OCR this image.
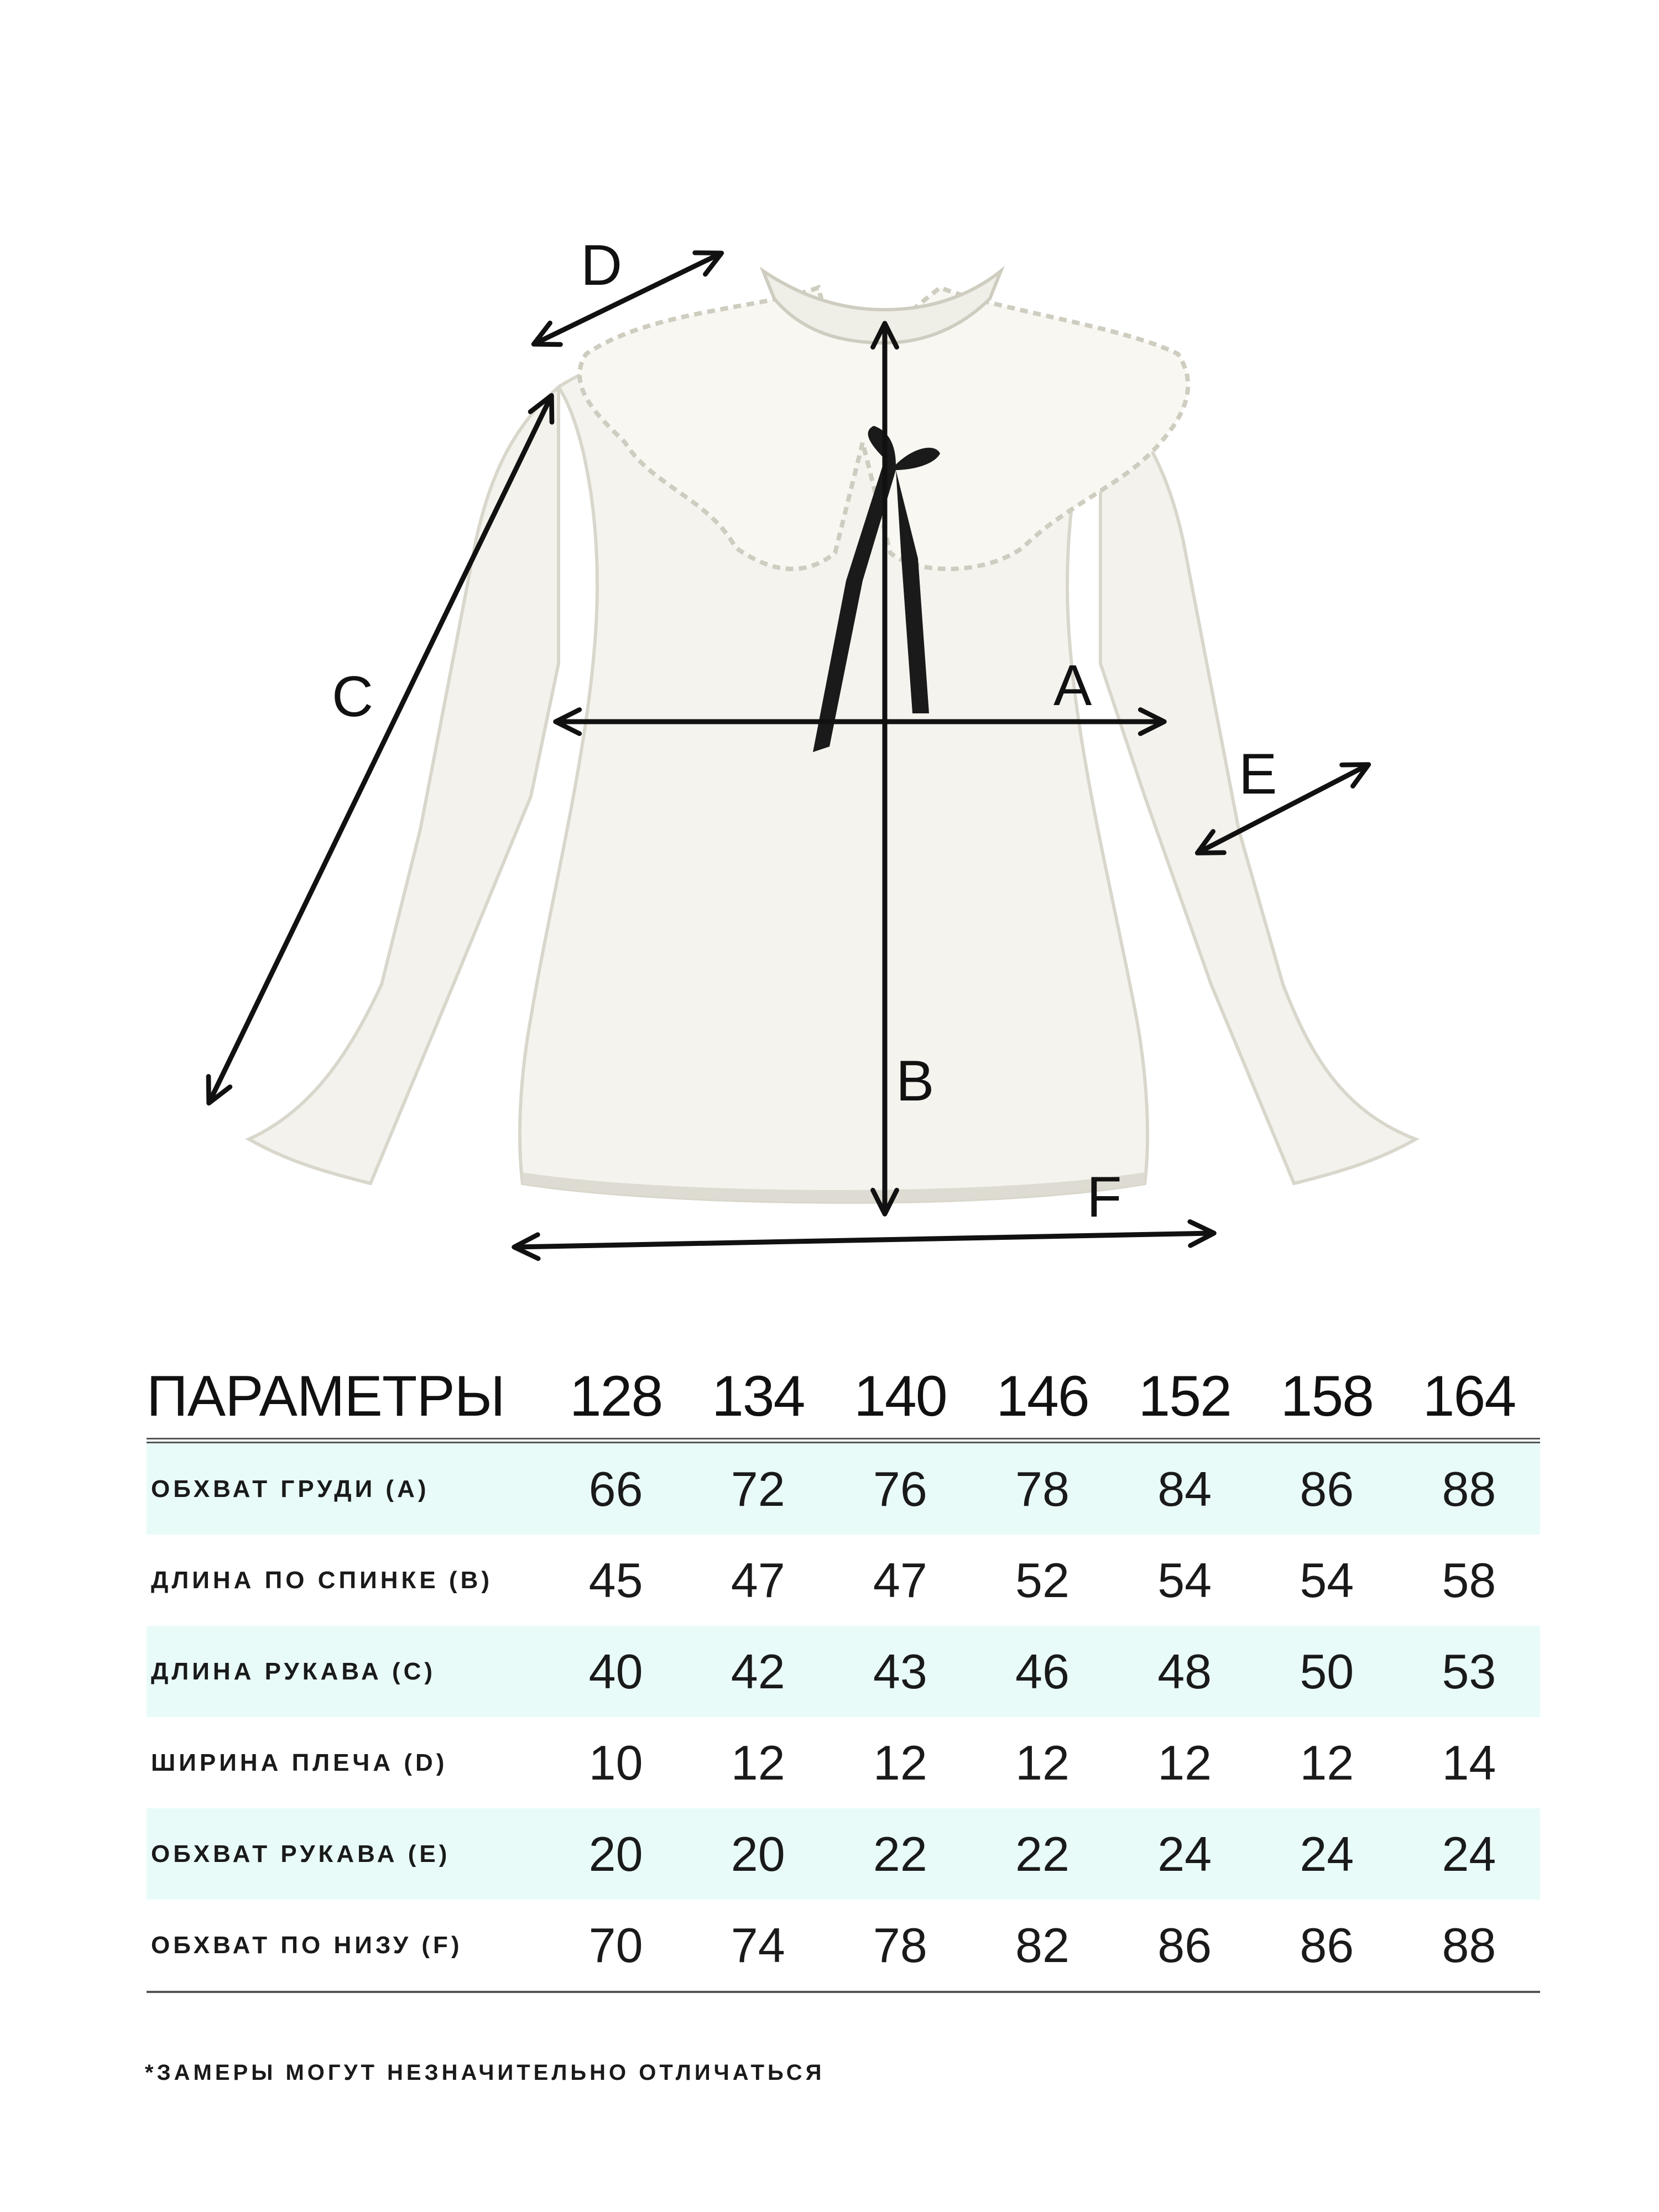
A
B
C
D
E
F
ПАРАМЕТРЫ	128	134	140	146	152	158	164
ОБХВАТ ГРУДИ (A)	66	72	76	78	84	86	88
ДЛИНА ПО СПИНКЕ (B)	45	47	47	52	54	54	58
ДЛИНА РУКАВА (C)	40	42	43	46	48	50	53
ШИРИНА ПЛЕЧА (D)	10	12	12	12	12	12	14
ОБХВАТ РУКАВА (E)	20	20	22	22	24	24	24
ОБХВАТ ПО НИЗУ (F)	70	74	78	82	86	86	88
*ЗАМЕРЫ МОГУТ НЕЗНАЧИТЕЛЬНО ОТЛИЧАТЬСЯ
